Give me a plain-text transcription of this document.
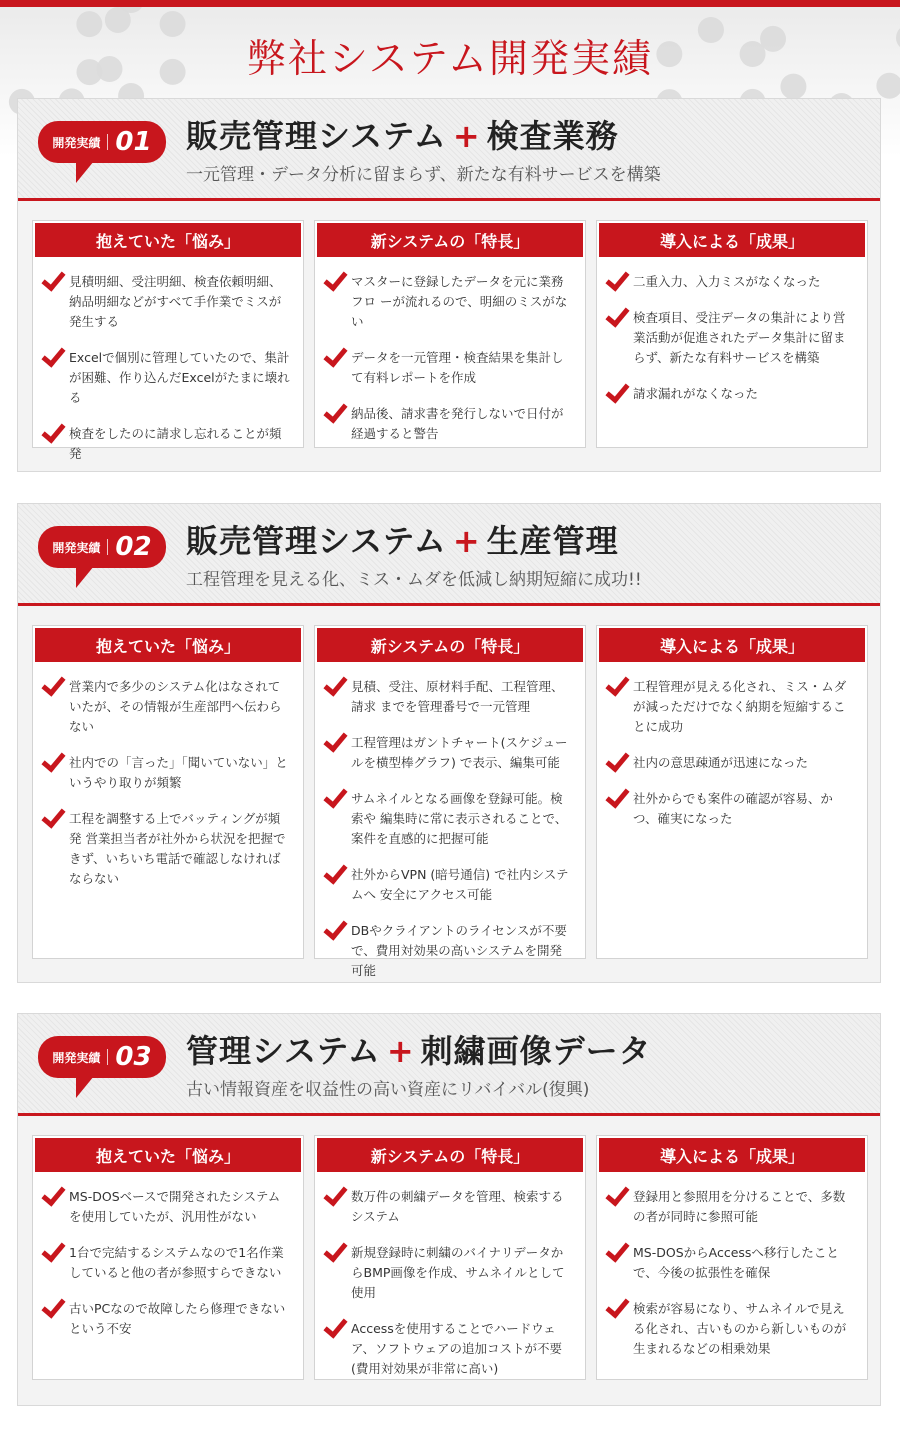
弊社システム開発実績
開発実績 01 販売管理システム + 検査業務

一元管理・データ分析に留まらず、新たな有料サービスを構築

抱えていた「悩み」
見積明細、受注明細、検査依頼明細、納品明細などがすべて手作業でミスが発生する
Excelで個別に管理していたので、集計が困難、作り込んだExcelがたまに壊れる
検査をしたのに請求し忘れることが頻発
新システムの「特長」
マスターに登録したデータを元に業務フロ ーが流れるので、明細のミスがない
データを一元管理・検査結果を集計して有料レポートを作成
納品後、請求書を発行しないで日付が経過すると警告
導入による「成果」
二重入力、入力ミスがなくなった
検査項目、受注データの集計により営業活動が促進されたデータ集計に留まらず、新たな有料サービスを構築
請求漏れがなくなった
開発実績 02 販売管理システム + 生産管理

工程管理を見える化、ミス・ムダを低減し納期短縮に成功!!

抱えていた「悩み」
営業内で多少のシステム化はなされていたが、その情報が生産部門へ伝わらない
社内での「言った」「聞いていない」というやり取りが頻繁
工程を調整する上でバッティングが頻発 営業担当者が社外から状況を把握できず、いちいち電話で確認しなければならない
新システムの「特長」
見積、受注、原材料手配、工程管理、請求 までを管理番号で一元管理
工程管理はガントチャート(スケジュールを横型棒グラフ) で表示、編集可能
サムネイルとなる画像を登録可能。検索や 編集時に常に表示されることで、案件を直感的に把握可能
社外からVPN (暗号通信) で社内システムへ 安全にアクセス可能
DBやクライアントのライセンスが不要で、費用対効果の高いシステムを開発可能
導入による「成果」
工程管理が見える化され、ミス・ムダが減っただけでなく納期を短縮することに成功
社内の意思疎通が迅速になった
社外からでも案件の確認が容易、かつ、確実になった
開発実績 03 管理システム + 刺繍画像データ

古い情報資産を収益性の高い資産にリバイバル(復興)

抱えていた「悩み」
MS-DOSベースで開発されたシステムを使用していたが、汎用性がない
1台で完結するシステムなので1名作業していると他の者が参照すらできない
古いPCなので故障したら修理できないという不安
新システムの「特長」
数万件の刺繍データを管理、検索するシステム
新規登録時に刺繍のバイナリデータからBMP画像を作成、サムネイルとして使用
Accessを使用することでハードウェア、ソフトウェアの追加コストが不要 (費用対効果が非常に高い)
導入による「成果」
登録用と参照用を分けることで、多数の者が同時に参照可能
MS-DOSからAccessへ移行したことで、今後の拡張性を確保
検索が容易になり、サムネイルで見える化され、古いものから新しいものが生まれるなどの相乗効果
